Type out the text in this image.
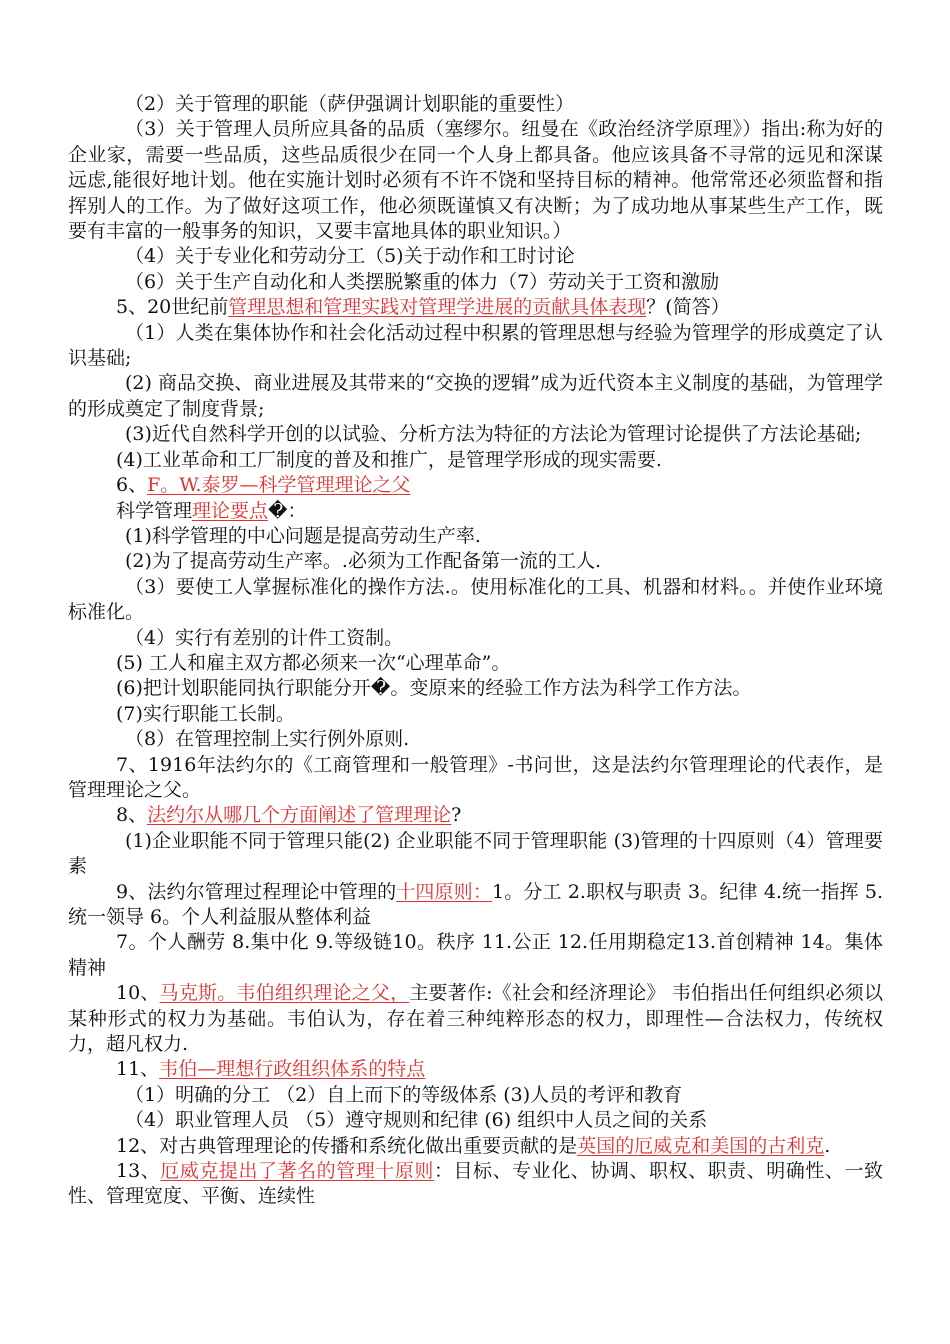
（2）关于管理的职能（萨伊强调计划职能的重要性）
（3）关于管理人员所应具备的品质（塞缪尔。纽曼在《政治经济学原理》）指出:称为好的企业家，需要一些品质，这些品质很少在同一个人身上都具备。他应该具备不寻常的远见和深谋远虑,能很好地计划。他在实施计划时必须有不许不饶和坚持目标的精神。他常常还必须监督和指挥别人的工作。为了做好这项工作，他必须既谨慎又有决断；为了成功地从事某些生产工作，既要有丰富的一般事务的知识，又要丰富地具体的职业知识。）
（4）关于专业化和劳动分工（5)关于动作和工时讨论
（6）关于生产自动化和人类摆脱繁重的体力（7）劳动关于工资和激励
5、20世纪前管理思想和管理实践对管理学进展的贡献具体表现？(简答）
（1）人类在集体协作和社会化活动过程中积累的管理思想与经验为管理学的形成奠定了认识基础;
(2) 商品交换、商业进展及其带来的“交换的逻辑”成为近代资本主义制度的基础，为管理学的形成奠定了制度背景;
(3)近代自然科学开创的以试验、分析方法为特征的方法论为管理讨论提供了方法论基础;
(4)工业革命和工厂制度的普及和推广，是管理学形成的现实需要.
6、F。W.泰罗—科学管理理论之父
科学管理理论要点�：
(1)科学管理的中心问题是提高劳动生产率.
(2)为了提高劳动生产率。.必须为工作配备第一流的工人.
（3）要使工人掌握标准化的操作方法.。使用标准化的工具、机器和材料。。并使作业环境标准化。
（4）实行有差别的计件工资制。
(5) 工人和雇主双方都必须来一次“心理革命”。
(6)把计划职能同执行职能分开�。变原来的经验工作方法为科学工作方法。
(7)实行职能工长制。
（8）在管理控制上实行例外原则.
7、1916年法约尔的《工商管理和一般管理》-书问世，这是法约尔管理理论的代表作，是管理理论之父。
8、法约尔从哪几个方面阐述了管理理论?
(1)企业职能不同于管理只能(2) 企业职能不同于管理职能 (3)管理的十四原则（4）管理要素
9、法约尔管理过程理论中管理的十四原则：1。分工 2.职权与职责 3。纪律 4.统一指挥 5.统一领导 6。个人利益服从整体利益
7。个人酬劳 8.集中化 9.等级链10。秩序 11.公正 12.任用期稳定13.首创精神 14。集体精神
10、马克斯。韦伯组织理论之父，主要著作:《社会和经济理论》 韦伯指出任何组织必须以某种形式的权力为基础。韦伯认为，存在着三种纯粹形态的权力，即理性—合法权力，传统权力，超凡权力.
11、韦伯—理想行政组织体系的特点
（1）明确的分工 （2）自上而下的等级体系 (3)人员的考评和教育
（4）职业管理人员 （5）遵守规则和纪律 (6) 组织中人员之间的关系
12、对古典管理理论的传播和系统化做出重要贡献的是英国的厄威克和美国的古利克.
13、厄威克提出了著名的管理十原则：目标、专业化、协调、职权、职责、明确性、一致性、管理宽度、平衡、连续性
